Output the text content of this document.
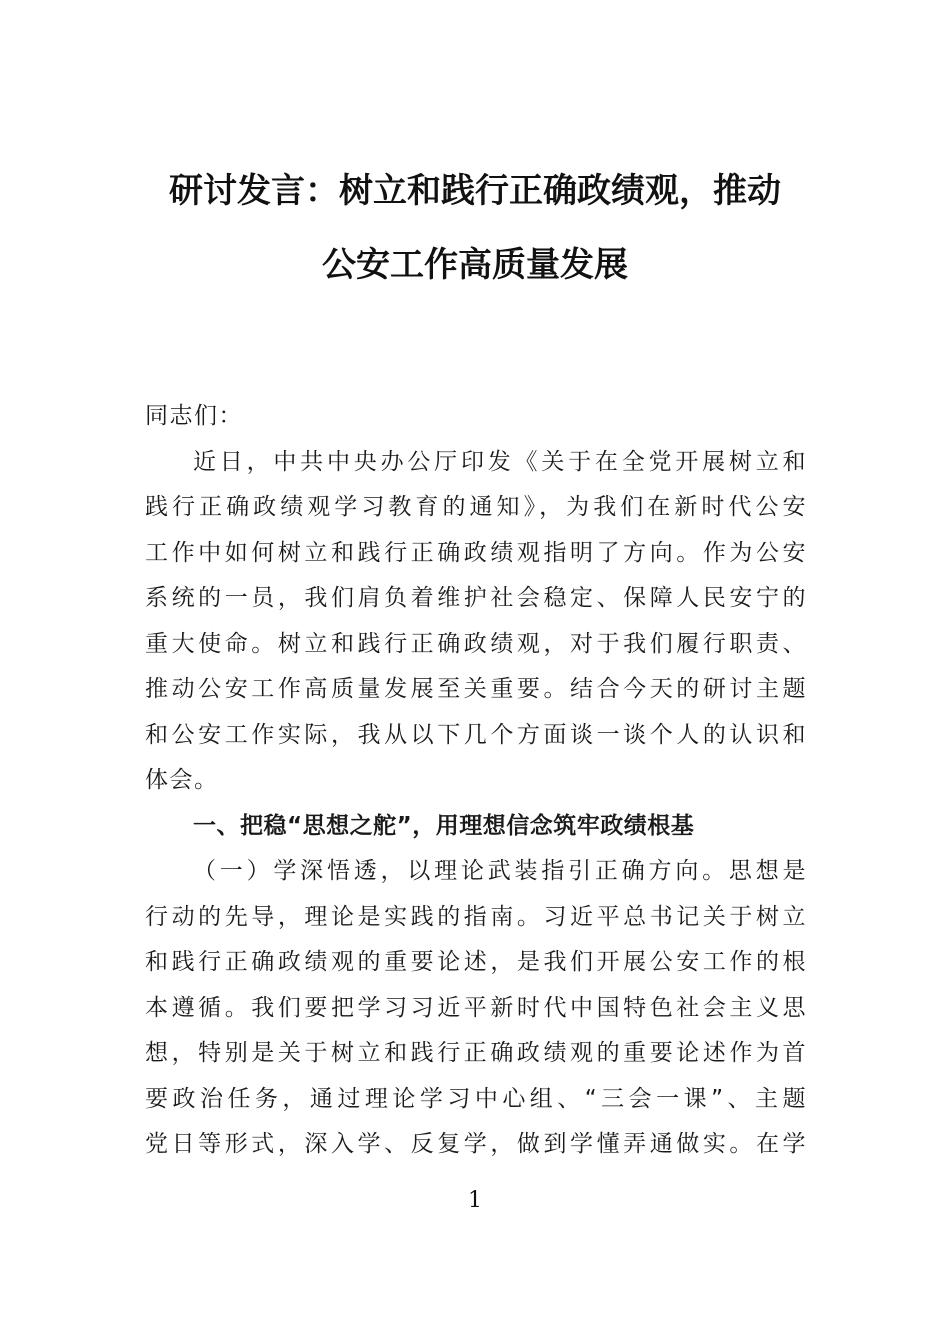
研讨发言：树立和践行正确政绩观，推动
公安工作高质量发展
同志们：
近日，中共中央办公厅印发《关于在全党开展树立和
践行正确政绩观学习教育的通知》，为我们在新时代公安
工作中如何树立和践行正确政绩观指明了方向。作为公安
系统的一员，我们肩负着维护社会稳定、保障人民安宁的
重大使命。树立和践行正确政绩观，对于我们履行职责、
推动公安工作高质量发展至关重要。结合今天的研讨主题
和公安工作实际，我从以下几个方面谈一谈个人的认识和
体会。
一、把稳“思想之舵”，用理想信念筑牢政绩根基
（一）学深悟透，以理论武装指引正确方向。思想是
行动的先导，理论是实践的指南。习近平总书记关于树立
和践行正确政绩观的重要论述，是我们开展公安工作的根
本遵循。我们要把学习习近平新时代中国特色社会主义思
想，特别是关于树立和践行正确政绩观的重要论述作为首
要政治任务，通过理论学习中心组、“三会一课”、主题
党日等形式，深入学、反复学，做到学懂弄通做实。在学
1
